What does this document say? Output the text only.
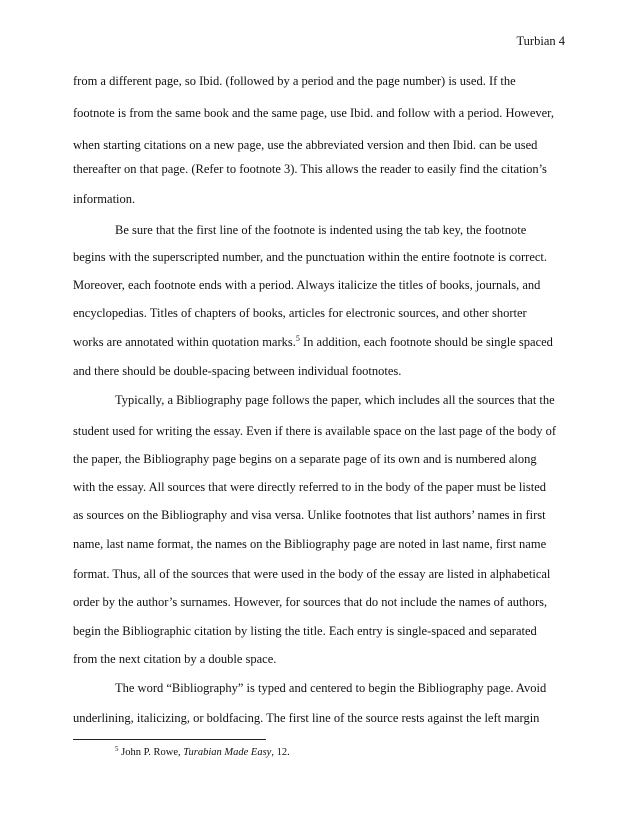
Turbian 4
from a different page, so Ibid. (followed by a period and the page number) is used. If the
footnote is from the same book and the same page, use Ibid. and follow with a period. However,
when starting citations on a new page, use the abbreviated version and then Ibid. can be used
thereafter on that page. (Refer to footnote 3). This allows the reader to easily find the citation’s
information.
Be sure that the first line of the footnote is indented using the tab key, the footnote
begins with the superscripted number, and the punctuation within the entire footnote is correct.
Moreover, each footnote ends with a period. Always italicize the titles of books, journals, and
encyclopedias. Titles of chapters of books, articles for electronic sources, and other shorter
works are annotated within quotation marks.$^5$ In addition, each footnote should be single spaced
and there should be double-spacing between individual footnotes.
Typically, a Bibliography page follows the paper, which includes all the sources that the
student used for writing the essay. Even if there is available space on the last page of the body of
the paper, the Bibliography page begins on a separate page of its own and is numbered along
with the essay. All sources that were directly referred to in the body of the paper must be listed
as sources on the Bibliography and visa versa. Unlike footnotes that list authors’ names in first
name, last name format, the names on the Bibliography page are noted in last name, first name
format. Thus, all of the sources that were used in the body of the essay are listed in alphabetical
order by the author’s surnames. However, for sources that do not include the names of authors,
begin the Bibliographic citation by listing the title. Each entry is single-spaced and separated
from the next citation by a double space.
The word “Bibliography” is typed and centered to begin the Bibliography page. Avoid
underlining, italicizing, or boldfacing. The first line of the source rests against the left margin
$^5$ John P. Rowe, Turabian Made Easy, 12.
